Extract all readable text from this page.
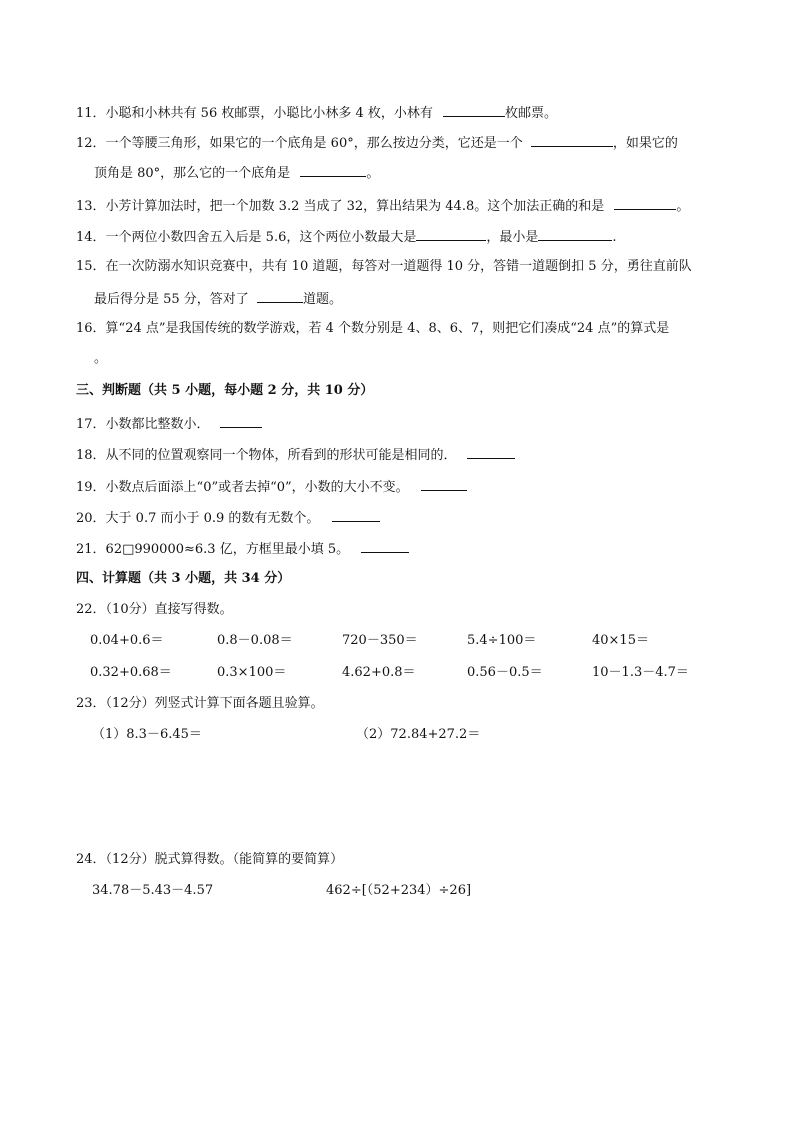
11．小聪和小林共有 56 枚邮票，小聪比小林多 4 枚，小林有	枚邮票。
12．一个等腰三角形，如果它的一个底角是 60°，那么按边分类，它还是一个	，如果它的
顶角是 80°，那么它的一个底角是	。
13．小芳计算加法时，把一个加数 3.2 当成了 32，算出结果为 44.8。这个加法正确的和是	。
14．一个两位小数四舍五入后是 5.6，这个两位小数最大是	，最小是	.
15．在一次防溺水知识竞赛中，共有 10 道题，每答对一道题得 10 分，答错一道题倒扣 5 分，勇往直前队
最后得分是 55 分，答对了	道题。
16．算“24 点”是我国传统的数学游戏，若 4 个数分别是 4、8、6、7，则把它们凑成“24 点”的算式是
。
三、判断题（共 5 小题，每小题 2 分，共 10 分）
17．小数都比整数小．
18．从不同的位置观察同一个物体，所看到的形状可能是相同的．
19．小数点后面添上“0”或者去掉“0”，小数的大小不变。
20．大于 0.7 而小于 0.9 的数有无数个。
21．62□990000≈6.3 亿，方框里最小填 5。
四、计算题（共 3 小题，共 34 分）
22．（10分）直接写得数。
0.04+0.6＝	0.8－0.08＝	720－350＝	5.4÷100＝	40×15＝
0.32+0.68＝	0.3×100＝	4.62+0.8＝	0.56－0.5＝	10－1.3－4.7＝
23．（12分）列竖式计算下面各题且验算。
（1）8.3－6.45＝	（2）72.84+27.2＝
24．（12分）脱式算得数。（能简算的要简算）
34.78－5.43－4.57	462÷[（52+234）÷26]
